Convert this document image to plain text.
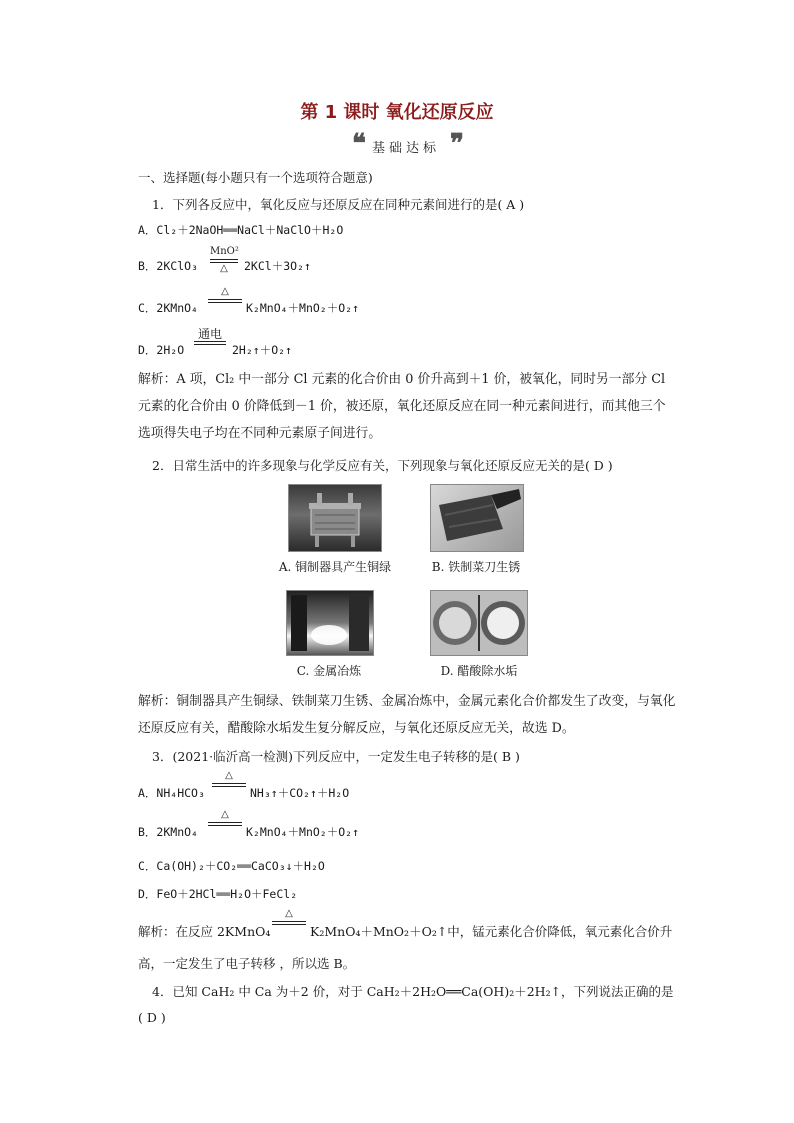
第 1 课时 氧化还原反应
❝ 基础达标 ❞
一、选择题(每小题只有一个选项符合题意)
1．下列各反应中，氧化反应与还原反应在同种元素间进行的是( A )
A．Cl₂＋2NaOH══NaCl＋NaClO＋H₂O
B．2KClO₃
MnO²
△	2KCl＋3O₂↑
C．2KMnO₄
△
K₂MnO₄＋MnO₂＋O₂↑
D．2H₂O
通电
2H₂↑＋O₂↑
解析：A 项，Cl₂ 中一部分 Cl 元素的化合价由 0 价升高到＋1 价，被氧化，同时另一部分 Cl 元素的化合价由 0 价降低到－1 价，被还原，氧化还原反应在同一种元素间进行，而其他三个选项得失电子均在不同种元素原子间进行。
2．日常生活中的许多现象与化学反应有关，下列现象与氧化还原反应无关的是( D )
A. 铜制器具产生铜绿	B. 铁制菜刀生锈
C. 金属冶炼	D. 醋酸除水垢
解析：铜制器具产生铜绿、铁制菜刀生锈、金属冶炼中，金属元素化合价都发生了改变，与氧化还原反应有关，醋酸除水垢发生复分解反应，与氧化还原反应无关，故选 D。
3．(2021·临沂高一检测)下列反应中，一定发生电子转移的是( B )
A．NH₄HCO₃
△
NH₃↑＋CO₂↑＋H₂O
B．2KMnO₄
△
K₂MnO₄＋MnO₂＋O₂↑
C．Ca(OH)₂＋CO₂══CaCO₃↓＋H₂O
D．FeO＋2HCl══H₂O＋FeCl₂
解析：在反应 2KMnO₄
△
K₂MnO₄＋MnO₂＋O₂↑中，锰元素化合价降低，氧元素化合价升
高，一定发生了电子转移 ，所以选 B。
4．已知 CaH₂ 中 Ca 为＋2 价，对于 CaH₂＋2H₂O══Ca(OH)₂＋2H₂↑，下列说法正确的是
( D )
